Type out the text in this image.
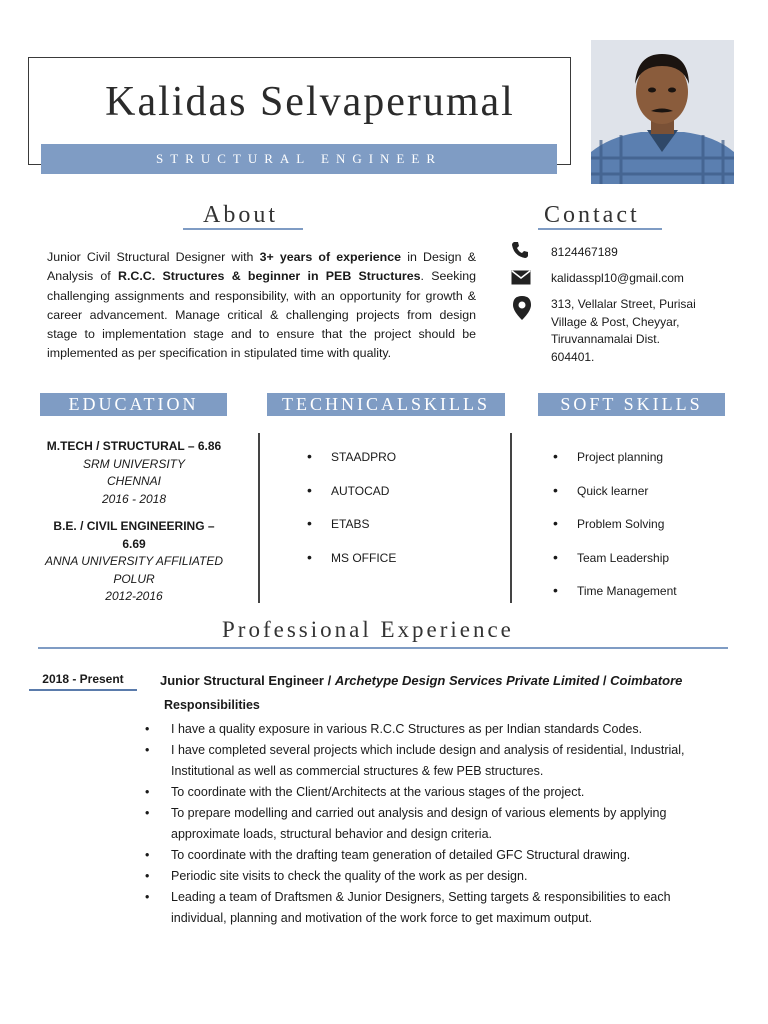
Kalidas Selvaperumal
STRUCTURAL ENGINEER
About
Junior Civil Structural Designer with 3+ years of experience in Design & Analysis of R.C.C. Structures & beginner in PEB Structures. Seeking challenging assignments and responsibility, with an opportunity for growth & career advancement. Manage critical & challenging projects from design stage to implementation stage and to ensure that the project should be implemented as per specification in stipulated time with quality.
Contact
8124467189
kalidasspl10@gmail.com
313, Vellalar Street, Purisai
Village & Post, Cheyyar,
Tiruvannamalai Dist.
604401.
EDUCATION	TECHNICALSKILLS	SOFT SKILLS
M.TECH / STRUCTURAL – 6.86
SRM UNIVERSITY
CHENNAI
2016 - 2018
B.E. / CIVIL ENGINEERING –
6.69
ANNA UNIVERSITY AFFILIATED
POLUR
2012-2016
• STAADPRO
• AUTOCAD
• ETABS
• MS OFFICE
• Project planning
• Quick learner
• Problem Solving
• Team Leadership
• Time Management
Professional Experience
2018 - Present	Junior Structural Engineer / Archetype Design Services Private Limited / Coimbatore
Responsibilities
• I have a quality exposure in various R.C.C Structures as per Indian standards Codes.
• I have completed several projects which include design and analysis of residential, Industrial, Institutional as well as commercial structures & few PEB structures.
• To coordinate with the Client/Architects at the various stages of the project.
• To prepare modelling and carried out analysis and design of various elements by applying approximate loads, structural behavior and design criteria.
• To coordinate with the drafting team generation of detailed GFC Structural drawing.
• Periodic site visits to check the quality of the work as per design.
• Leading a team of Draftsmen & Junior Designers, Setting targets & responsibilities to each individual, planning and motivation of the work force to get maximum output.
